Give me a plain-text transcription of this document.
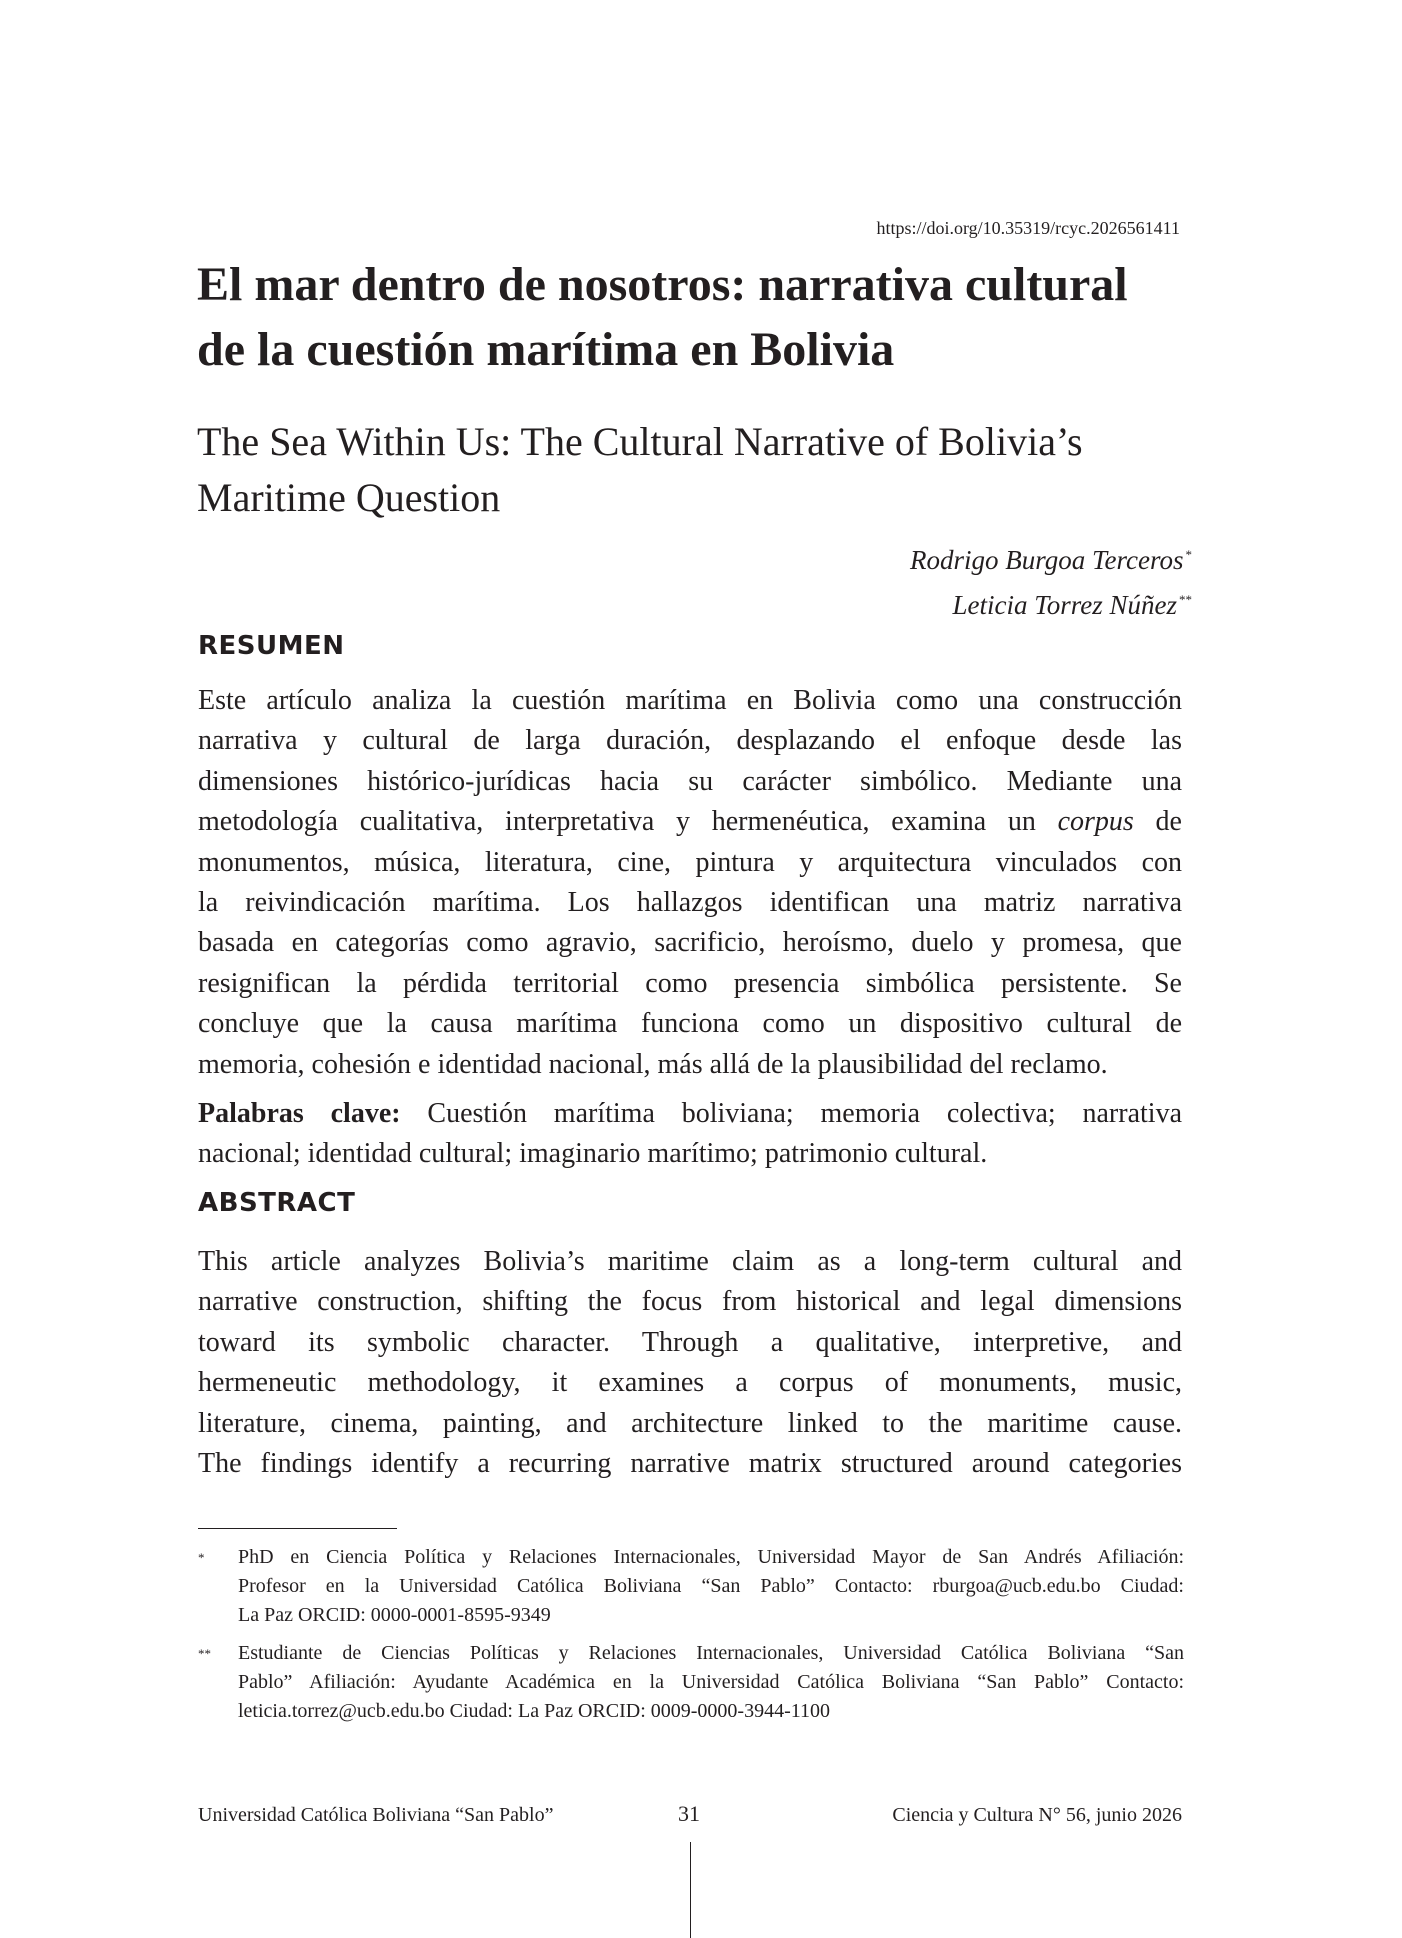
https://doi.org/10.35319/rcyc.2026561411
El mar dentro de nosotros: narrativa cultural
de la cuestión marítima en Bolivia
The Sea Within Us: The Cultural Narrative of Bolivia’s
Maritime Question
Rodrigo Burgoa Terceros *
Leticia Torrez Núñez **
RESUMEN
Este artículo analiza la cuestión marítima en Bolivia como una construcción
narrativa y cultural de larga duración, desplazando el enfoque desde las
dimensiones histórico-jurídicas hacia su carácter simbólico. Mediante una
metodología cualitativa, interpretativa y hermenéutica, examina un corpus de
monumentos, música, literatura, cine, pintura y arquitectura vinculados con
la reivindicación marítima. Los hallazgos identifican una matriz narrativa
basada en categorías como agravio, sacrificio, heroísmo, duelo y promesa, que
resignifican la pérdida territorial como presencia simbólica persistente. Se
concluye que la causa marítima funciona como un dispositivo cultural de
memoria, cohesión e identidad nacional, más allá de la plausibilidad del reclamo.
Palabras clave: Cuestión marítima boliviana; memoria colectiva; narrativa
nacional; identidad cultural; imaginario marítimo; patrimonio cultural.
ABSTRACT
This article analyzes Bolivia’s maritime claim as a long-term cultural and
narrative construction, shifting the focus from historical and legal dimensions
toward its symbolic character. Through a qualitative, interpretive, and
hermeneutic methodology, it examines a corpus of monuments, music,
literature, cinema, painting, and architecture linked to the maritime cause.
The findings identify a recurring narrative matrix structured around categories
* PhD en Ciencia Política y Relaciones Internacionales, Universidad Mayor de San Andrés Afiliación:
Profesor en la Universidad Católica Boliviana “San Pablo” Contacto: rburgoa@ucb.edu.bo Ciudad:
La Paz ORCID: 0000-0001-8595-9349
** Estudiante de Ciencias Políticas y Relaciones Internacionales, Universidad Católica Boliviana “San
Pablo” Afiliación: Ayudante Académica en la Universidad Católica Boliviana “San Pablo” Contacto:
leticia.torrez@ucb.edu.bo Ciudad: La Paz ORCID: 0009-0000-3944-1100
Universidad Católica Boliviana “San Pablo”	31	Ciencia y Cultura N° 56, junio 2026
